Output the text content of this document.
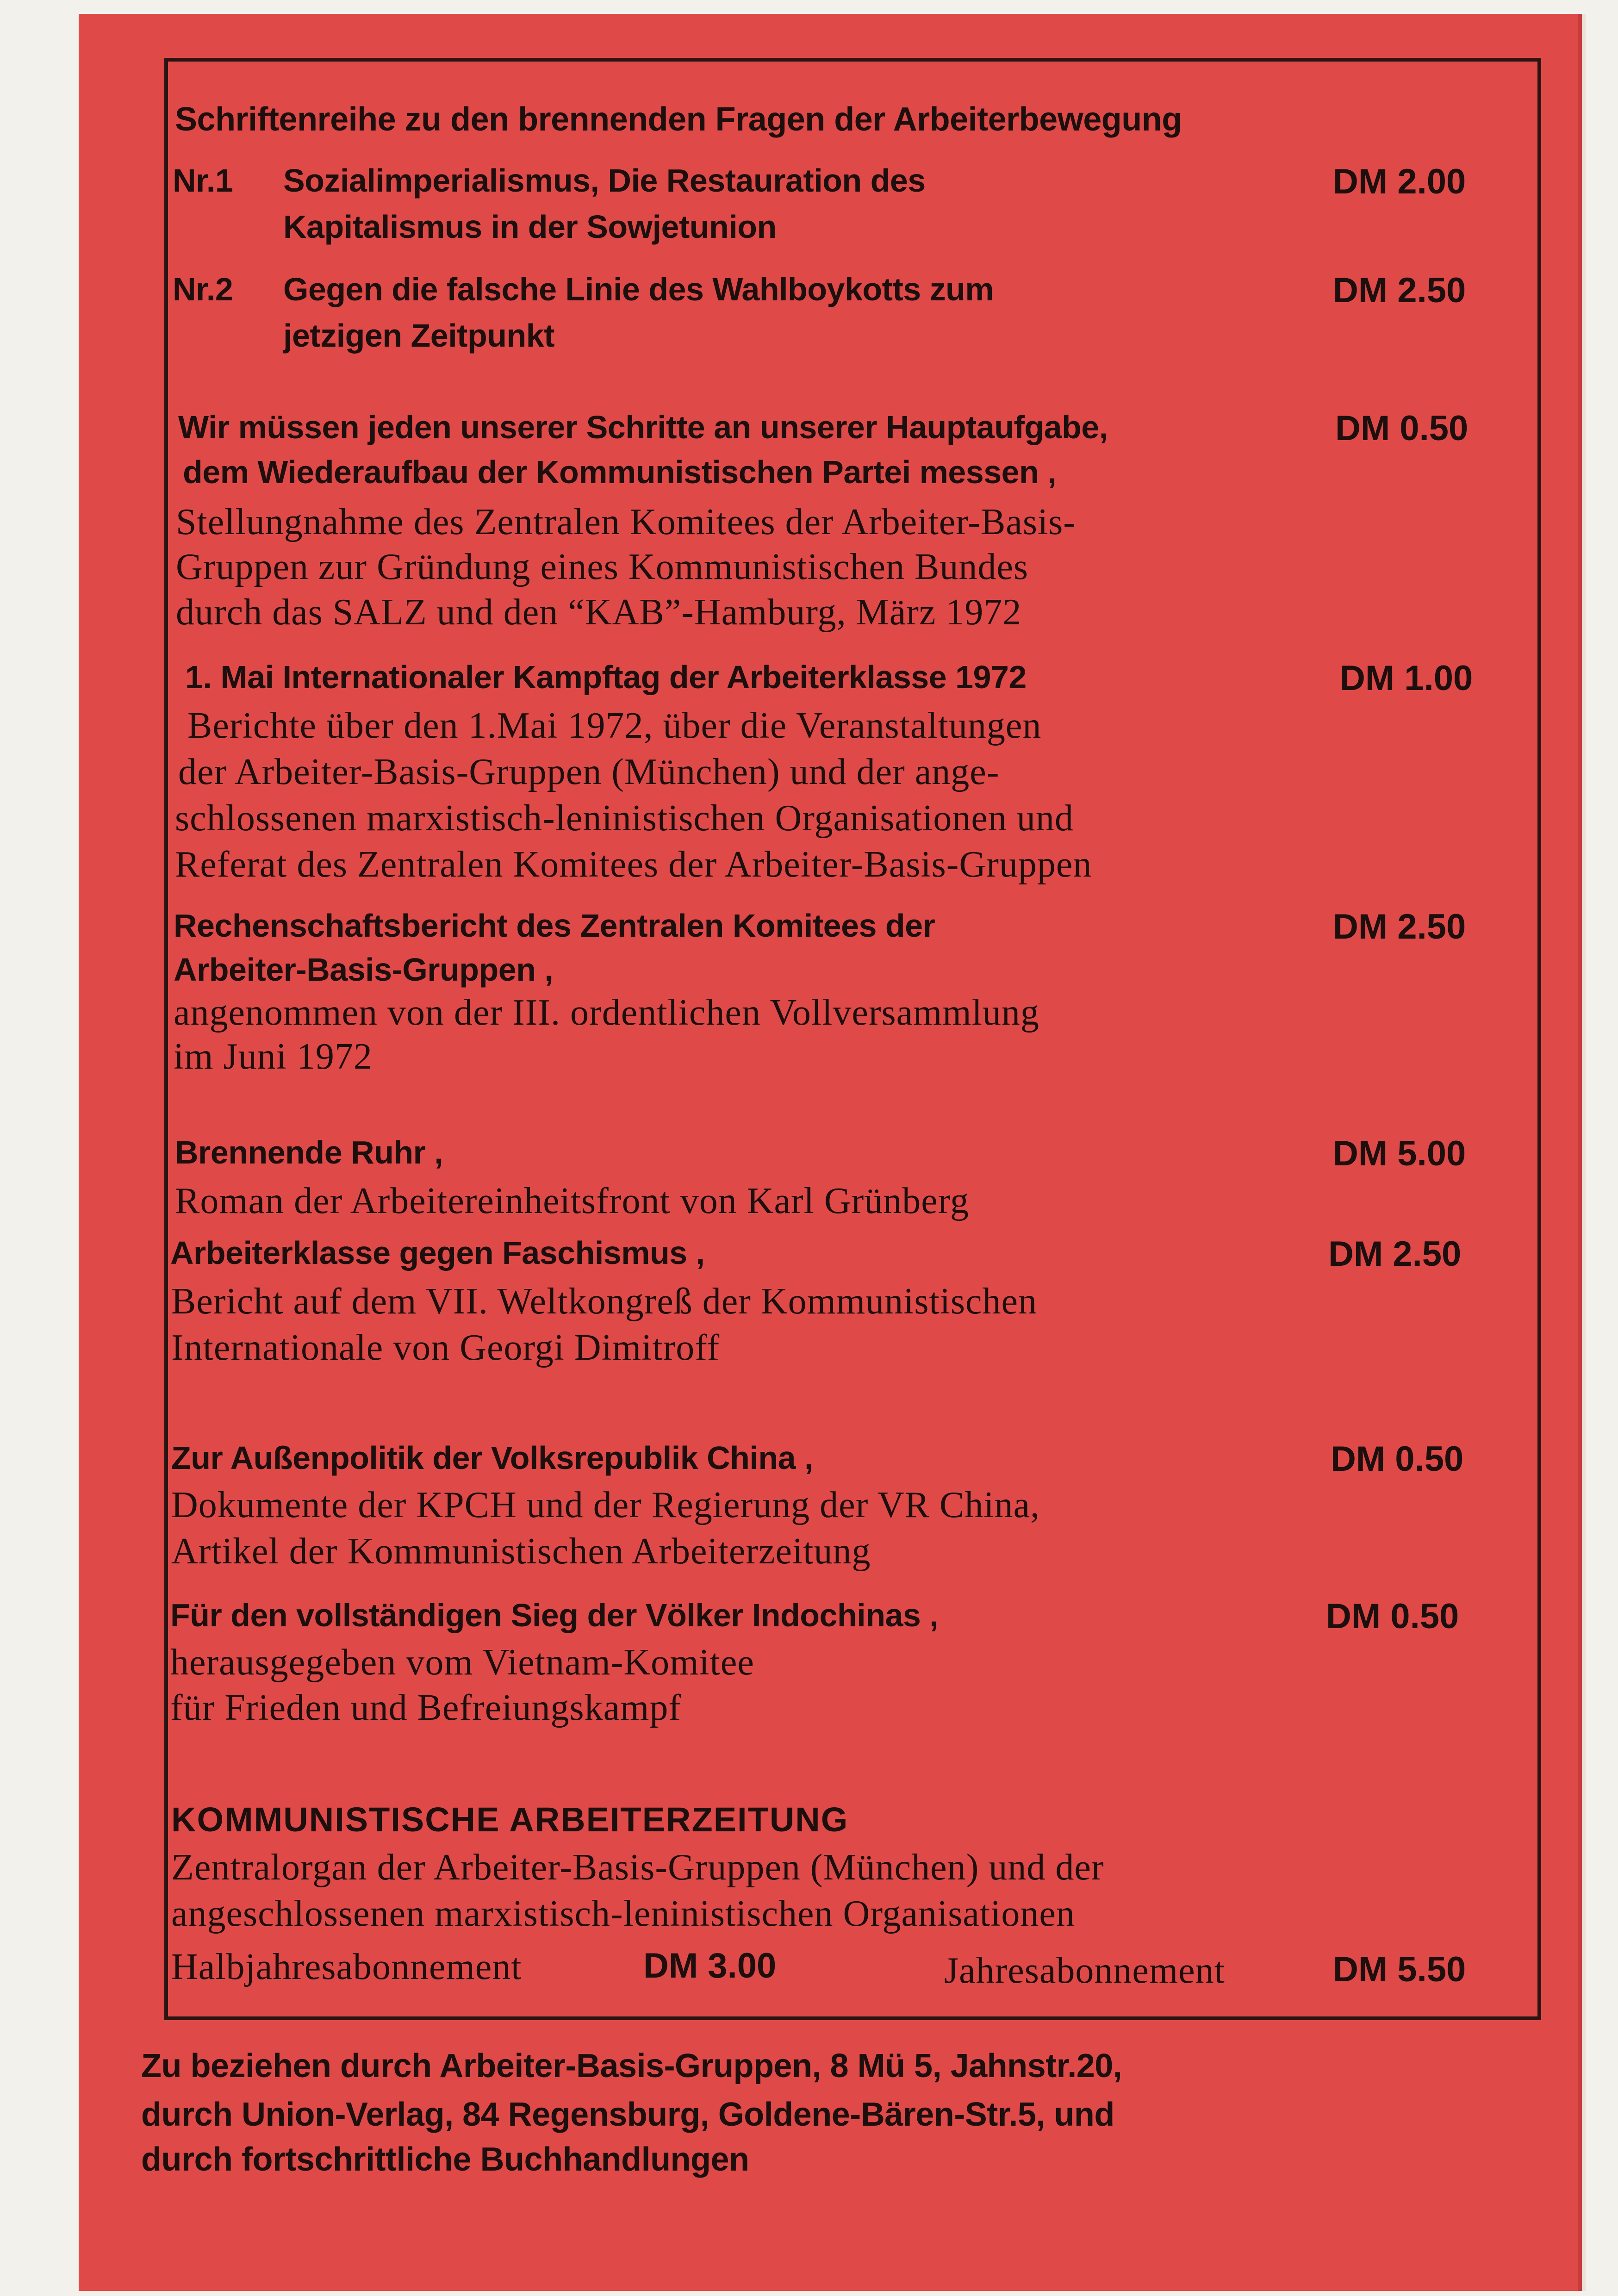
Schriftenreihe zu den brennenden Fragen der Arbeiterbewegung
Nr.1 Sozialimperialismus, Die Restauration des
Kapitalismus in der Sowjetunion
DM 2.00
Nr.2 Gegen die falsche Linie des Wahlboykotts zum
jetzigen Zeitpunkt
DM 2.50
Wir müssen jeden unserer Schritte an unserer Hauptaufgabe,
dem Wiederaufbau der Kommunistischen Partei messen ,
Stellungnahme des Zentralen Komitees der Arbeiter-Basis-
Gruppen zur Gründung eines Kommunistischen Bundes
durch das SALZ und den “KAB”-Hamburg, März 1972
DM 0.50
1. Mai Internationaler Kampftag der Arbeiterklasse 1972
Berichte über den 1.Mai 1972, über die Veranstaltungen
der Arbeiter-Basis-Gruppen (München) und der ange-
schlossenen marxistisch-leninistischen Organisationen und
Referat des Zentralen Komitees der Arbeiter-Basis-Gruppen
DM 1.00
Rechenschaftsbericht des Zentralen Komitees der
Arbeiter-Basis-Gruppen ,
angenommen von der III. ordentlichen Vollversammlung
im Juni 1972
DM 2.50
Brennende Ruhr ,
Roman der Arbeitereinheitsfront von Karl Grünberg
DM 5.00
Arbeiterklasse gegen Faschismus ,
Bericht auf dem VII. Weltkongreß der Kommunistischen
Internationale von Georgi Dimitroff
DM 2.50
Zur Außenpolitik der Volksrepublik China ,
Dokumente der KPCH und der Regierung der VR China,
Artikel der Kommunistischen Arbeiterzeitung
DM 0.50
Für den vollständigen Sieg der Völker Indochinas ,
herausgegeben vom Vietnam-Komitee
für Frieden und Befreiungskampf
DM 0.50
KOMMUNISTISCHE ARBEITERZEITUNG
Zentralorgan der Arbeiter-Basis-Gruppen (München) und der
angeschlossenen marxistisch-leninistischen Organisationen
Halbjahresabonnement	DM 3.00	Jahresabonnement	DM 5.50
Zu beziehen durch Arbeiter-Basis-Gruppen, 8 Mü 5, Jahnstr.20,
durch Union-Verlag, 84 Regensburg, Goldene-Bären-Str.5, und
durch fortschrittliche Buchhandlungen
